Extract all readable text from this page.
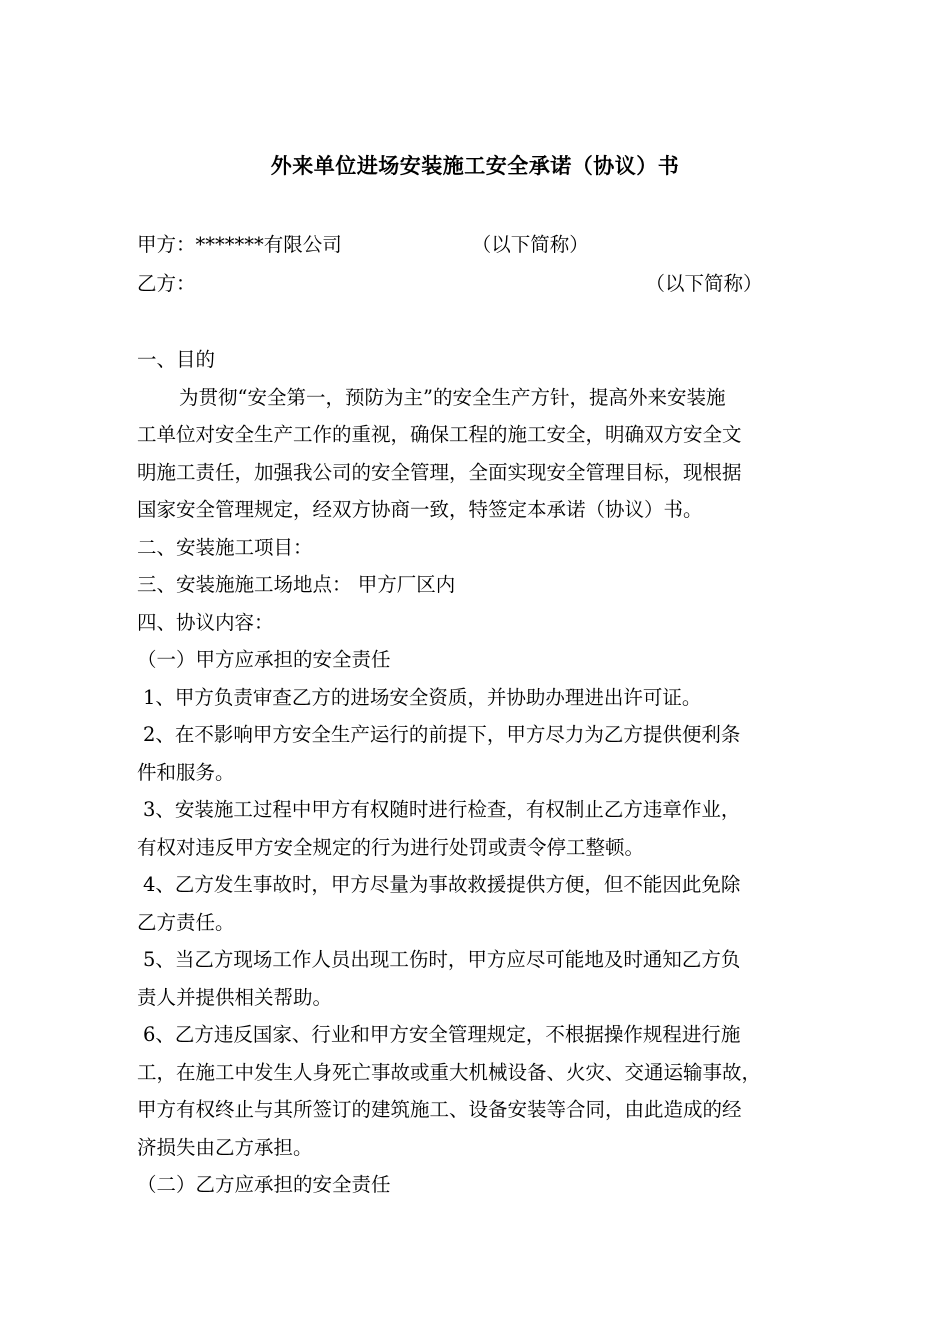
外来单位进场安装施工安全承诺（协议）书
甲方：*******有限公司	（以下简称）
乙方：	（以下简称）
一、目的
为贯彻“安全第一，预防为主”的安全生产方针，提高外来安装施
工单位对安全生产工作的重视，确保工程的施工安全，明确双方安全文
明施工责任，加强我公司的安全管理，全面实现安全管理目标，现根据
国家安全管理规定，经双方协商一致，特签定本承诺（协议）书。
二、安装施工项目：
三、安装施施工场地点： 甲方厂区内
四、协议内容：
（一）甲方应承担的安全责任
1、甲方负责审查乙方的进场安全资质，并协助办理进出许可证。
2、在不影响甲方安全生产运行的前提下，甲方尽力为乙方提供便利条
件和服务。
3、安装施工过程中甲方有权随时进行检查，有权制止乙方违章作业，
有权对违反甲方安全规定的行为进行处罚或责令停工整顿。
4、乙方发生事故时，甲方尽量为事故救援提供方便，但不能因此免除
乙方责任。
5、当乙方现场工作人员出现工伤时，甲方应尽可能地及时通知乙方负
责人并提供相关帮助。
6、乙方违反国家、行业和甲方安全管理规定，不根据操作规程进行施
工，在施工中发生人身死亡事故或重大机械设备、火灾、交通运输事故，
甲方有权终止与其所签订的建筑施工、设备安装等合同，由此造成的经
济损失由乙方承担。
（二）乙方应承担的安全责任
